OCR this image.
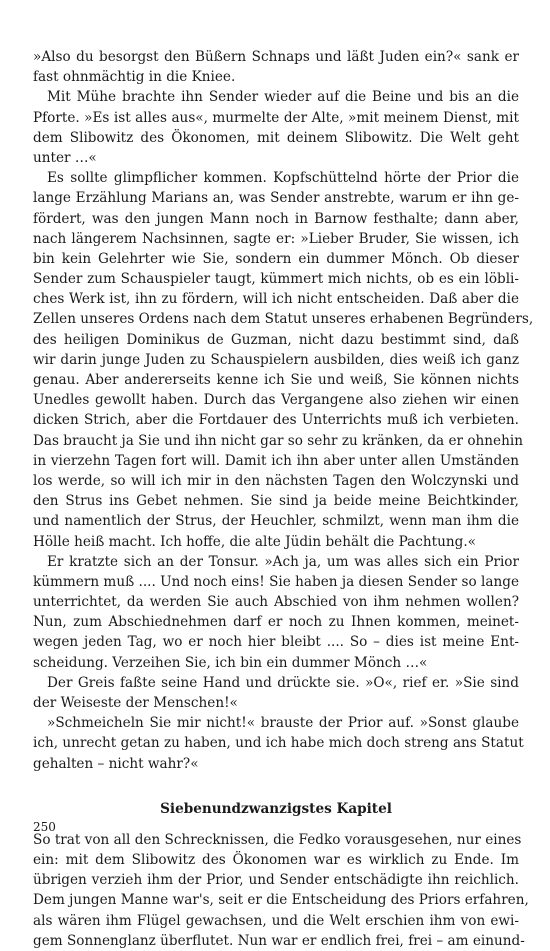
»Also du besorgst den Büßern Schnaps und läßt Juden ein?« sank er
fast ohnmächtig in die Kniee.
Mit Mühe brachte ihn Sender wieder auf die Beine und bis an die
Pforte. »Es ist alles aus«, murmelte der Alte, »mit meinem Dienst, mit
dem Slibowitz des Ökonomen, mit deinem Slibowitz. Die Welt geht
unter …«
Es sollte glimpflicher kommen. Kopfschüttelnd hörte der Prior die
lange Erzählung Marians an, was Sender anstrebte, warum er ihn ge-
fördert, was den jungen Mann noch in Barnow festhalte; dann aber,
nach längerem Nachsinnen, sagte er: »Lieber Bruder, Sie wissen, ich
bin kein Gelehrter wie Sie, sondern ein dummer Mönch. Ob dieser
Sender zum Schauspieler taugt, kümmert mich nichts, ob es ein löbli-
ches Werk ist, ihn zu fördern, will ich nicht entscheiden. Daß aber die
Zellen unseres Ordens nach dem Statut unseres erhabenen Begründers,
des heiligen Dominikus de Guzman, nicht dazu bestimmt sind, daß
wir darin junge Juden zu Schauspielern ausbilden, dies weiß ich ganz
genau. Aber andererseits kenne ich Sie und weiß, Sie können nichts
Unedles gewollt haben. Durch das Vergangene also ziehen wir einen
dicken Strich, aber die Fortdauer des Unterrichts muß ich verbieten.
Das braucht ja Sie und ihn nicht gar so sehr zu kränken, da er ohnehin
in vierzehn Tagen fort will. Damit ich ihn aber unter allen Umständen
los werde, so will ich mir in den nächsten Tagen den Wolczynski und
den Strus ins Gebet nehmen. Sie sind ja beide meine Beichtkinder,
und namentlich der Strus, der Heuchler, schmilzt, wenn man ihm die
Hölle heiß macht. Ich hoffe, die alte Jüdin behält die Pachtung.«
Er kratzte sich an der Tonsur. »Ach ja, um was alles sich ein Prior
kümmern muß .... Und noch eins! Sie haben ja diesen Sender so lange
unterrichtet, da werden Sie auch Abschied von ihm nehmen wollen?
Nun, zum Abschiednehmen darf er noch zu Ihnen kommen, meinet-
wegen jeden Tag, wo er noch hier bleibt .... So – dies ist meine Ent-
scheidung. Verzeihen Sie, ich bin ein dummer Mönch …«
Der Greis faßte seine Hand und drückte sie. »O«, rief er. »Sie sind
der Weiseste der Menschen!«
»Schmeicheln Sie mir nicht!« brauste der Prior auf. »Sonst glaube
ich, unrecht getan zu haben, und ich habe mich doch streng ans Statut
gehalten – nicht wahr?«
Siebenundzwanzigstes Kapitel
So trat von all den Schrecknissen, die Fedko vorausgesehen, nur eines
ein: mit dem Slibowitz des Ökonomen war es wirklich zu Ende. Im
übrigen verzieh ihm der Prior, und Sender entschädigte ihn reichlich.
Dem jungen Manne war's, seit er die Entscheidung des Priors erfahren,
als wären ihm Flügel gewachsen, und die Welt erschien ihm von ewi-
gem Sonnenglanz überflutet. Nun war er endlich frei, frei – am einund-
250
